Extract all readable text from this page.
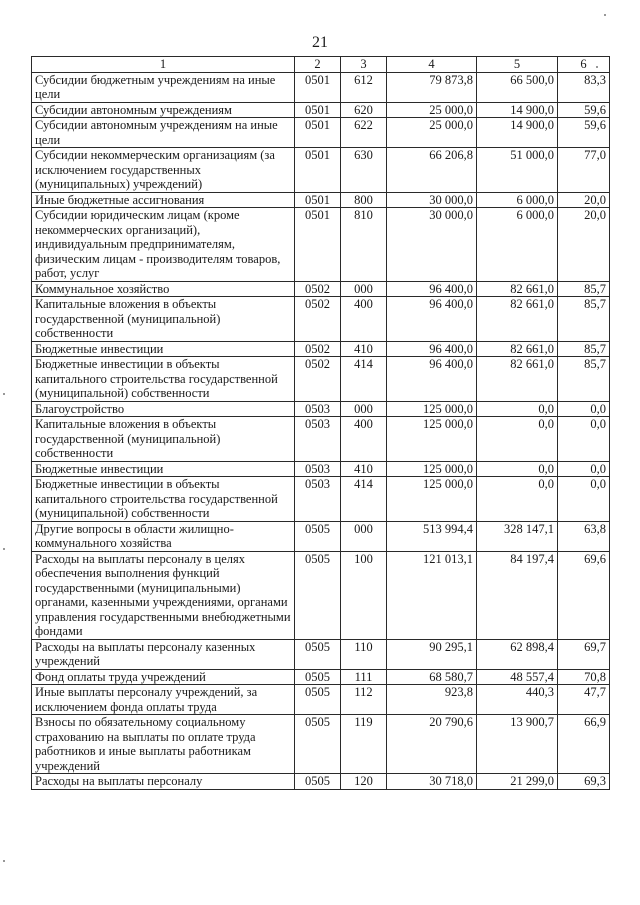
21
1	2	3	4	5	6
Субсидии бюджетным учреждениям на иные цели	0501	612	79 873,8	66 500,0	83,3
Субсидии автономным учреждениям	0501	620	25 000,0	14 900,0	59,6
Субсидии автономным учреждениям на иные цели	0501	622	25 000,0	14 900,0	59,6
Субсидии некоммерческим организациям (за исключением государственных (муниципальных) учреждений)	0501	630	66 206,8	51 000,0	77,0
Иные бюджетные ассигнования	0501	800	30 000,0	6 000,0	20,0
Субсидии юридическим лицам (кроме некоммерческих организаций), индивидуальным предпринимателям, физическим лицам - производителям товаров, работ, услуг	0501	810	30 000,0	6 000,0	20,0
Коммунальное хозяйство	0502	000	96 400,0	82 661,0	85,7
Капитальные вложения в объекты государственной (муниципальной) собственности	0502	400	96 400,0	82 661,0	85,7
Бюджетные инвестиции	0502	410	96 400,0	82 661,0	85,7
Бюджетные инвестиции в объекты капитального строительства государственной (муниципальной) собственности	0502	414	96 400,0	82 661,0	85,7
Благоустройство	0503	000	125 000,0	0,0	0,0
Капитальные вложения в объекты государственной (муниципальной) собственности	0503	400	125 000,0	0,0	0,0
Бюджетные инвестиции	0503	410	125 000,0	0,0	0,0
Бюджетные инвестиции в объекты капитального строительства государственной (муниципальной) собственности	0503	414	125 000,0	0,0	0,0
Другие вопросы в области жилищно-коммунального хозяйства	0505	000	513 994,4	328 147,1	63,8
Расходы на выплаты персоналу в целях обеспечения выполнения функций государственными (муниципальными) органами, казенными учреждениями, органами управления государственными внебюджетными фондами	0505	100	121 013,1	84 197,4	69,6
Расходы на выплаты персоналу казенных учреждений	0505	110	90 295,1	62 898,4	69,7
Фонд оплаты труда учреждений	0505	111	68 580,7	48 557,4	70,8
Иные выплаты персоналу учреждений, за исключением фонда оплаты труда	0505	112	923,8	440,3	47,7
Взносы по обязательному социальному страхованию на выплаты по оплате труда работников и иные выплаты работникам учреждений	0505	119	20 790,6	13 900,7	66,9
Расходы на выплаты персоналу	0505	120	30 718,0	21 299,0	69,3
